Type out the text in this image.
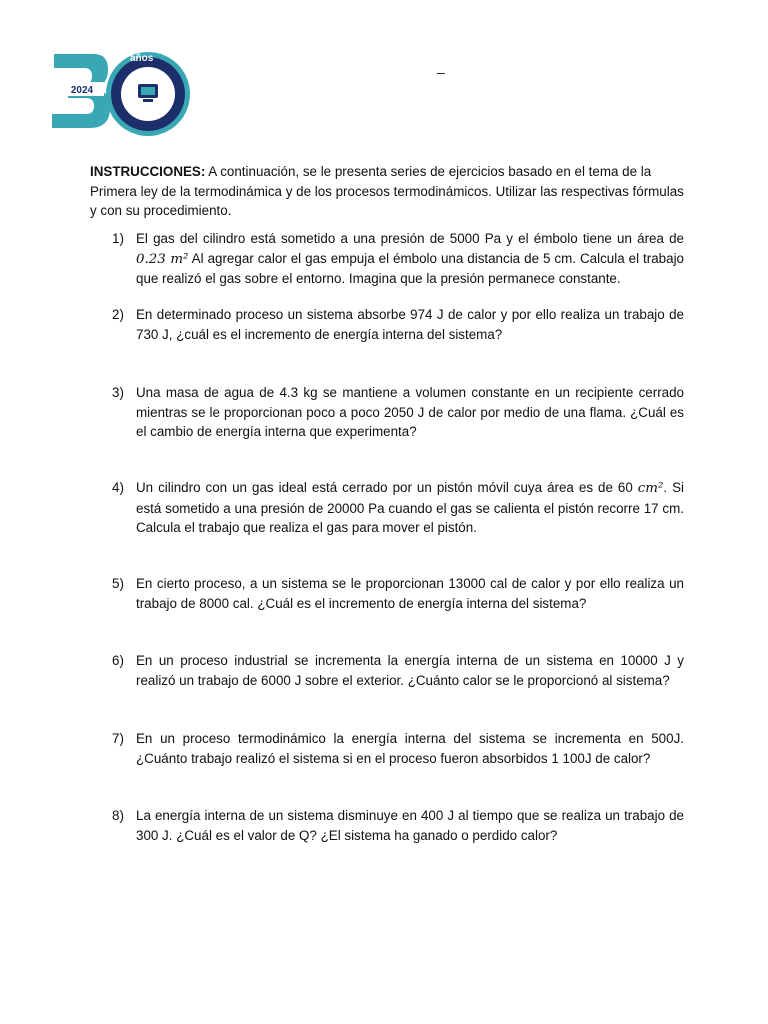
2024
años	_
INSTRUCCIONES: A continuación, se le presenta series de ejercicios basado en el tema de la Primera ley de la termodinámica y de los procesos termodinámicos. Utilizar las respectivas fórmulas y con su procedimiento.
1) El gas del cilindro está sometido a una presión de 5000 Pa y el émbolo tiene un área de 0.23 m² Al agregar calor el gas empuja el émbolo una distancia de 5 cm. Calcula el trabajo que realizó el gas sobre el entorno. Imagina que la presión permanece constante.
2) En determinado proceso un sistema absorbe 974 J de calor y por ello realiza un trabajo de 730 J, ¿cuál es el incremento de energía interna del sistema?
3) Una masa de agua de 4.3 kg se mantiene a volumen constante en un recipiente cerrado mientras se le proporcionan poco a poco 2050 J de calor por medio de una flama. ¿Cuál es el cambio de energía interna que experimenta?
4) Un cilindro con un gas ideal está cerrado por un pistón móvil cuya área es de 60 cm². Si está sometido a una presión de 20000 Pa cuando el gas se calienta el pistón recorre 17 cm. Calcula el trabajo que realiza el gas para mover el pistón.
5) En cierto proceso, a un sistema se le proporcionan 13000 cal de calor y por ello realiza un trabajo de 8000 cal. ¿Cuál es el incremento de energía interna del sistema?
6) En un proceso industrial se incrementa la energía interna de un sistema en 10000 J y realizó un trabajo de 6000 J sobre el exterior. ¿Cuánto calor se le proporcionó al sistema?
7) En un proceso termodinámico la energía interna del sistema se incrementa en 500J. ¿Cuánto trabajo realizó el sistema si en el proceso fueron absorbidos 1 100J de calor?
8) La energía interna de un sistema disminuye en 400 J al tiempo que se realiza un trabajo de 300 J. ¿Cuál es el valor de Q? ¿El sistema ha ganado o perdido calor?
